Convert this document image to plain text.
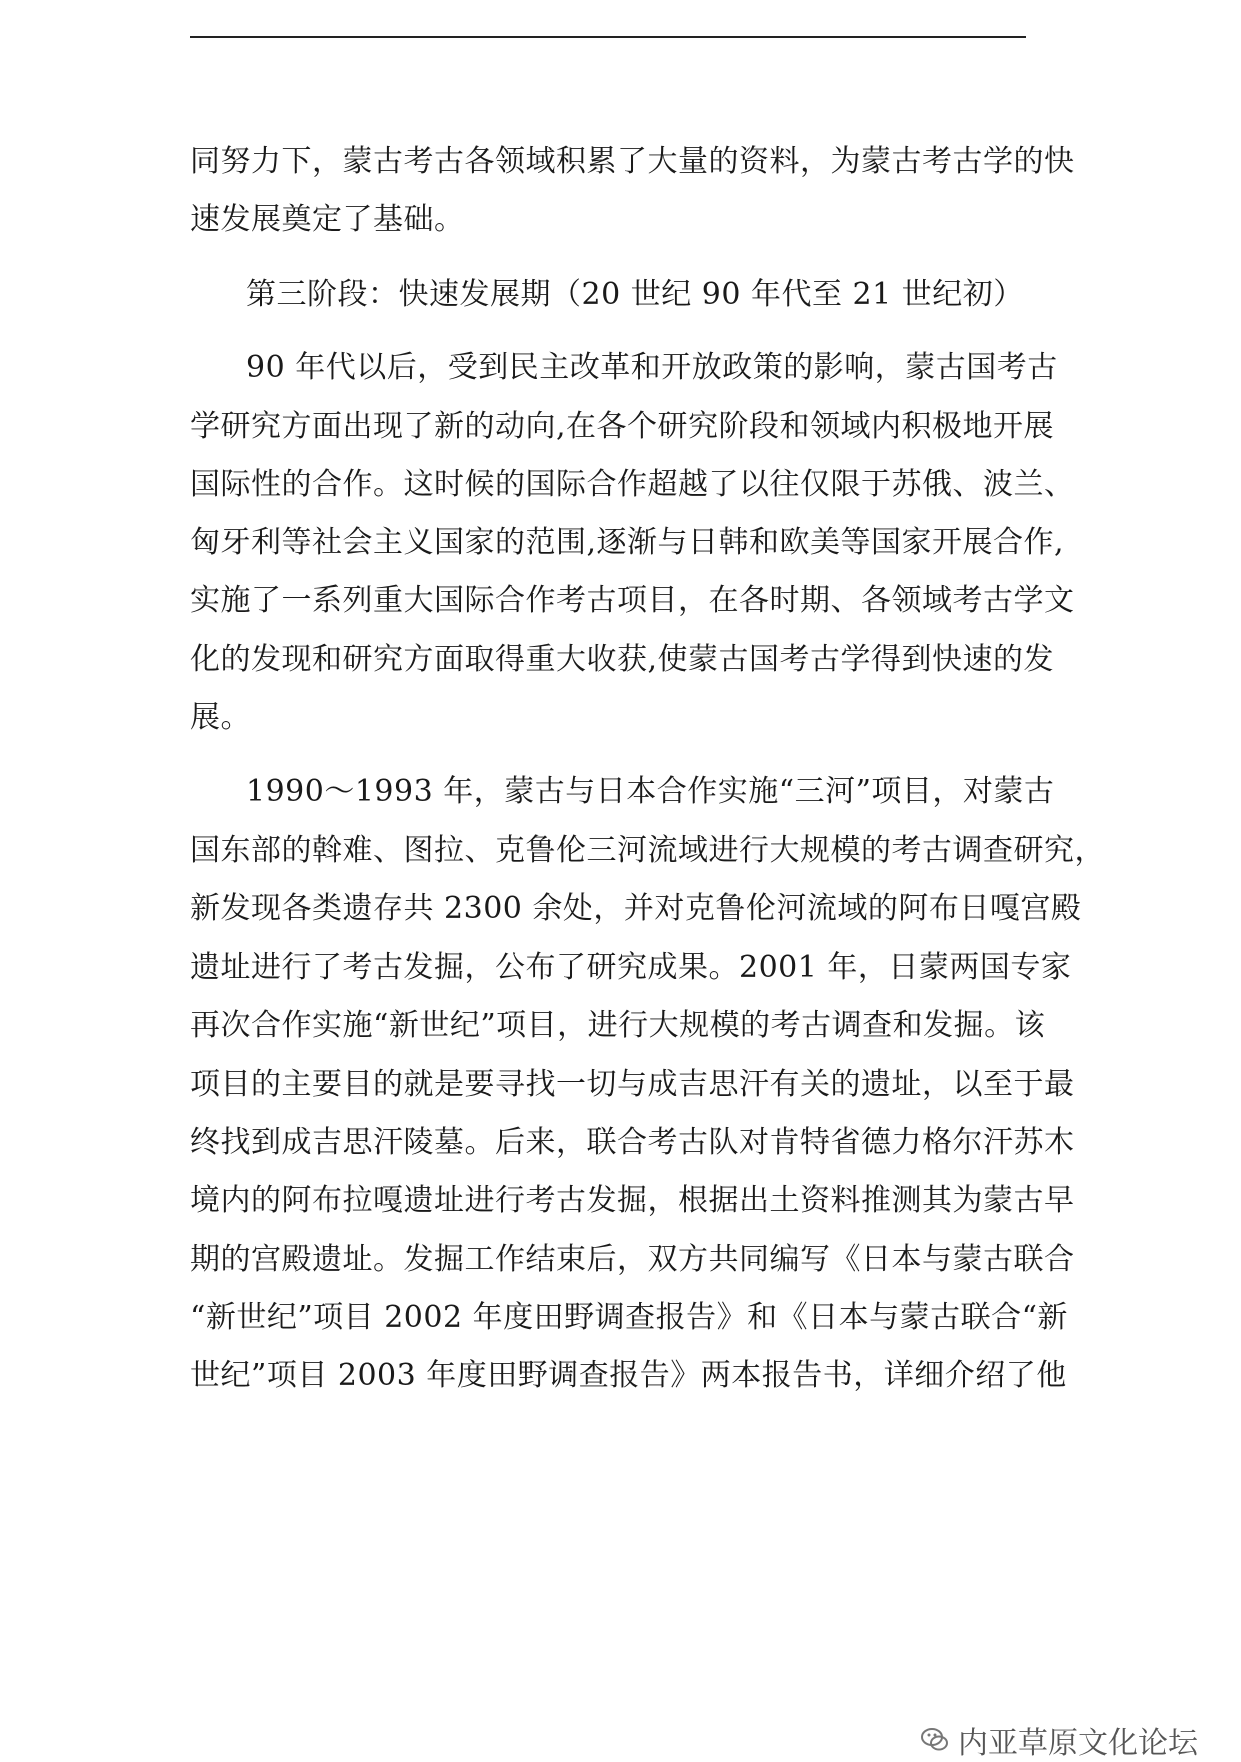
同努力下，蒙古考古各领域积累了大量的资料，为蒙古考古学的快
速发展奠定了基础。
第三阶段：快速发展期（20 世纪 90 年代至 21 世纪初）
90 年代以后，受到民主改革和开放政策的影响，蒙古国考古
学研究方面出现了新的动向,在各个研究阶段和领域内积极地开展
国际性的合作。这时候的国际合作超越了以往仅限于苏俄、波兰、
匈牙利等社会主义国家的范围,逐渐与日韩和欧美等国家开展合作,
实施了一系列重大国际合作考古项目，在各时期、各领域考古学文
化的发现和研究方面取得重大收获,使蒙古国考古学得到快速的发
展。
1990～1993 年，蒙古与日本合作实施“三河”项目，对蒙古
国东部的斡难、图拉、克鲁伦三河流域进行大规模的考古调查研究，
新发现各类遗存共 2300 余处，并对克鲁伦河流域的阿布日嘎宫殿
遗址进行了考古发掘，公布了研究成果。2001 年，日蒙两国专家
再次合作实施“新世纪”项目，进行大规模的考古调查和发掘。该
项目的主要目的就是要寻找一切与成吉思汗有关的遗址，以至于最
终找到成吉思汗陵墓。后来，联合考古队对肯特省德力格尔汗苏木
境内的阿布拉嘎遗址进行考古发掘，根据出土资料推测其为蒙古早
期的宫殿遗址。发掘工作结束后，双方共同编写《日本与蒙古联合
“新世纪”项目 2002 年度田野调查报告》和《日本与蒙古联合“新
世纪”项目 2003 年度田野调查报告》两本报告书，详细介绍了他
内亚草原文化论坛
